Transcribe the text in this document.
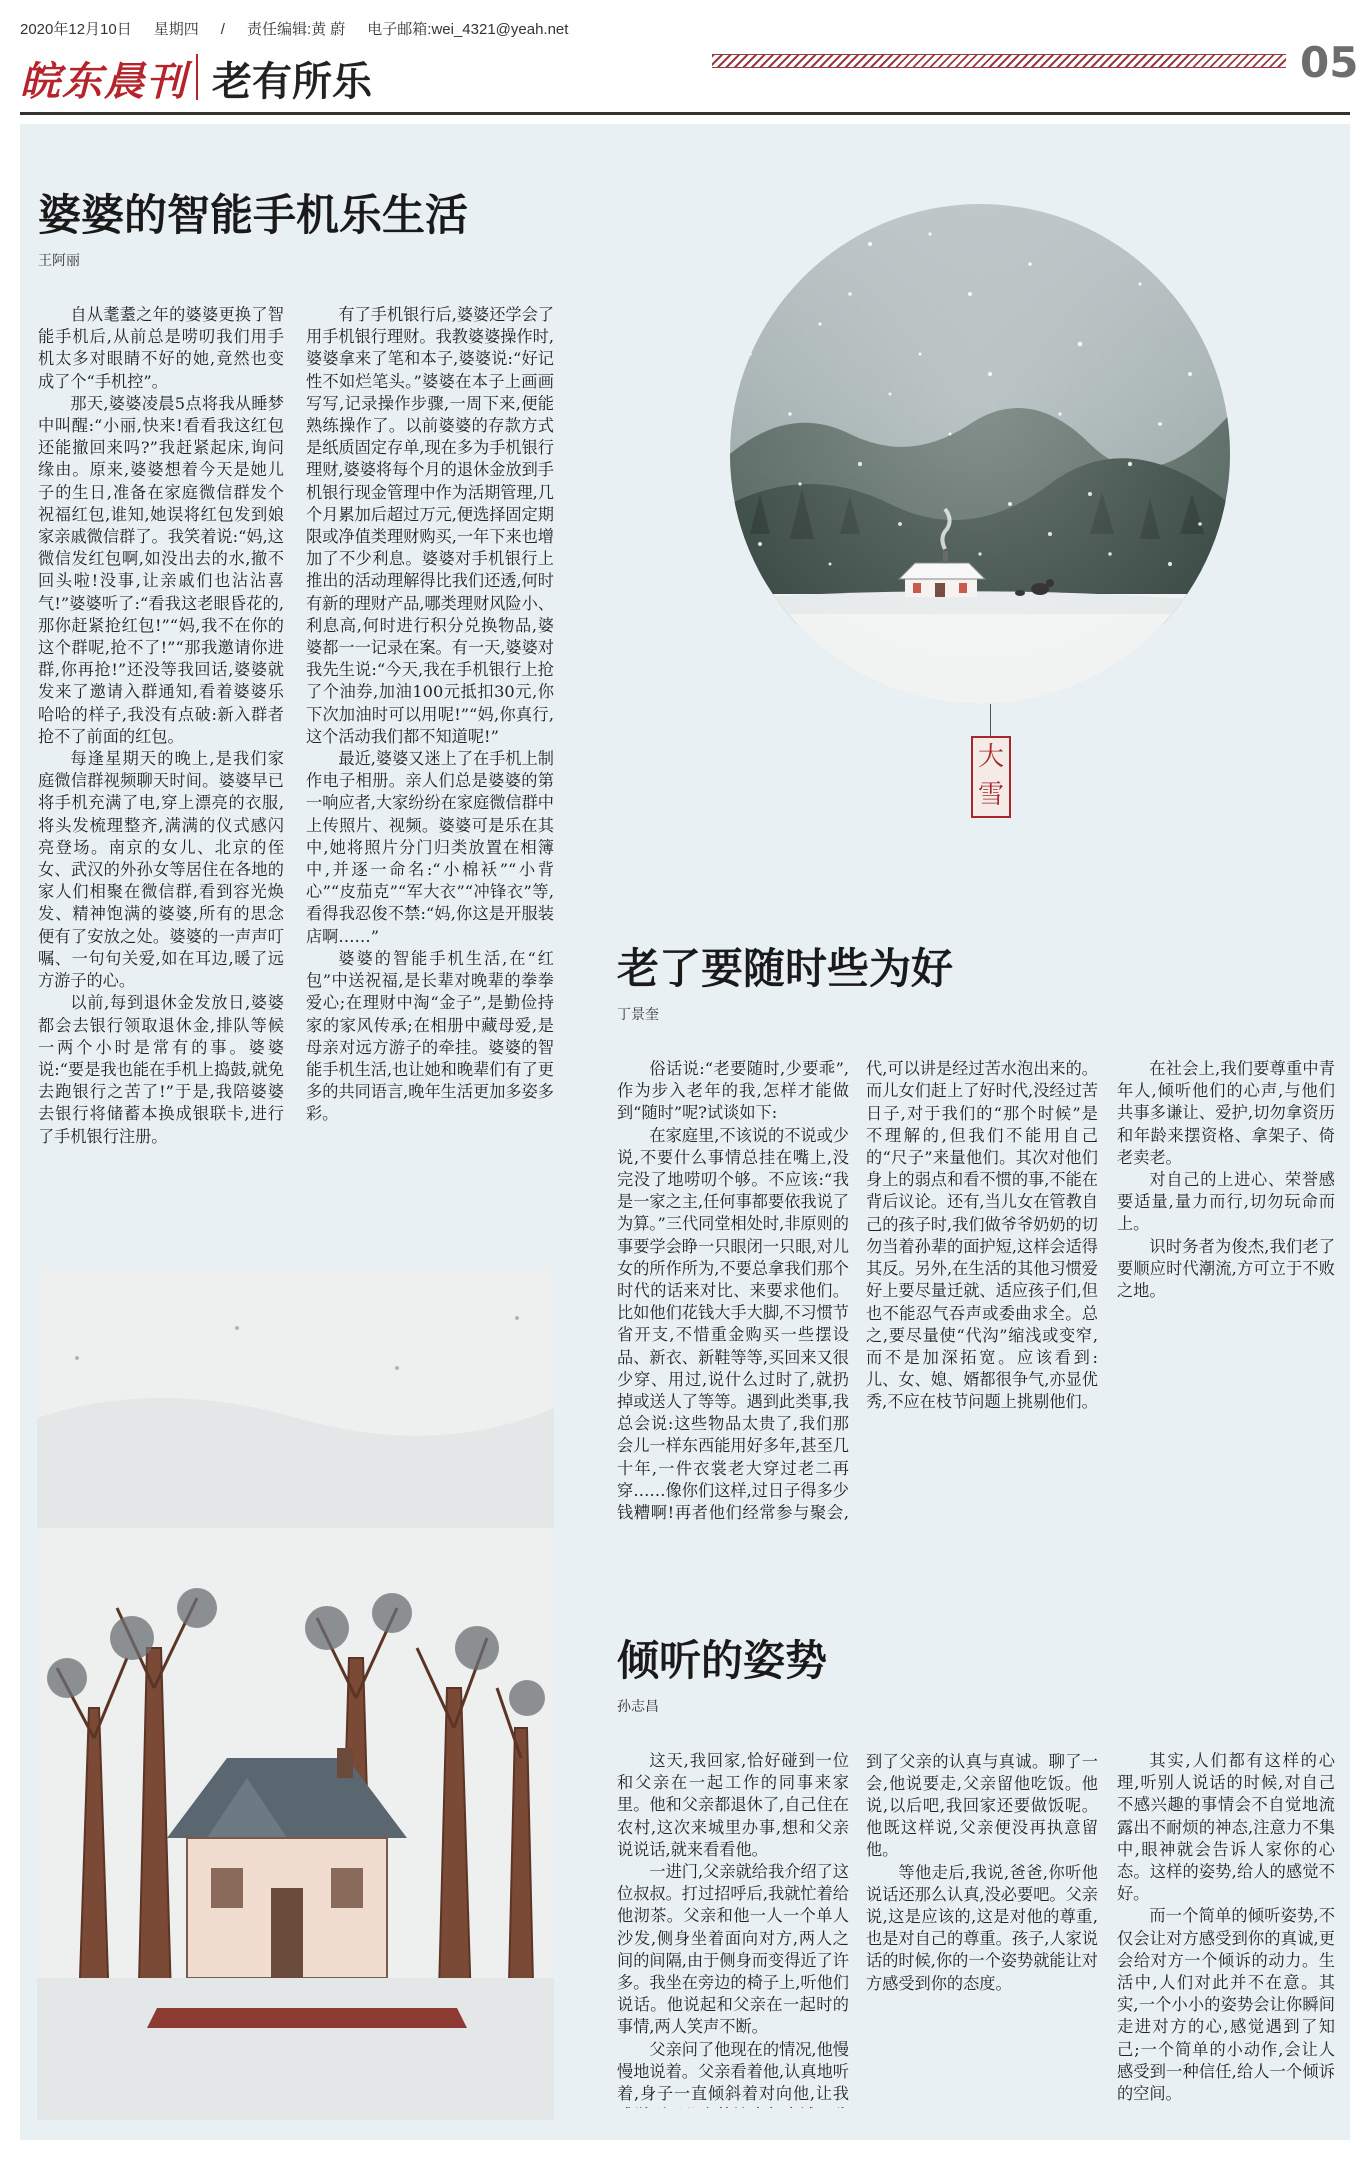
2020年12月10日 星期四 / 责任编辑:黄 蔚 电子邮箱:wei_4321@yeah.net
皖东晨刊 老有所乐	05
婆婆的智能手机乐生活
王阿丽

自从耄耋之年的婆婆更换了智能手机后,从前总是唠叨我们用手机太多对眼睛不好的她,竟然也变成了个“手机控”。

那天,婆婆凌晨5点将我从睡梦中叫醒:“小丽,快来!看看我这红包还能撤回来吗?”我赶紧起床,询问缘由。原来,婆婆想着今天是她儿子的生日,准备在家庭微信群发个祝福红包,谁知,她误将红包发到娘家亲戚微信群了。我笑着说:“妈,这微信发红包啊,如没出去的水,撤不回头啦!没事,让亲戚们也沾沾喜气!”婆婆听了:“看我这老眼昏花的,那你赶紧抢红包!”“妈,我不在你的这个群呢,抢不了!”“那我邀请你进群,你再抢!”还没等我回话,婆婆就发来了邀请入群通知,看着婆婆乐哈哈的样子,我没有点破:新入群者抢不了前面的红包。

每逢星期天的晚上,是我们家庭微信群视频聊天时间。婆婆早已将手机充满了电,穿上漂亮的衣服,将头发梳理整齐,满满的仪式感闪亮登场。南京的女儿、北京的侄女、武汉的外孙女等居住在各地的家人们相聚在微信群,看到容光焕发、精神饱满的婆婆,所有的思念便有了安放之处。婆婆的一声声叮嘱、一句句关爱,如在耳边,暖了远方游子的心。

以前,每到退休金发放日,婆婆都会去银行领取退休金,排队等候一两个小时是常有的事。婆婆说:“要是我也能在手机上捣鼓,就免去跑银行之苦了!”于是,我陪婆婆去银行将储蓄本换成银联卡,进行了手机银行注册。

有了手机银行后,婆婆还学会了用手机银行理财。我教婆婆操作时,婆婆拿来了笔和本子,婆婆说:“好记性不如烂笔头。”婆婆在本子上画画写写,记录操作步骤,一周下来,便能熟练操作了。以前婆婆的存款方式是纸质固定存单,现在多为手机银行理财,婆婆将每个月的退休金放到手机银行现金管理中作为活期管理,几个月累加后超过万元,便选择固定期限或净值类理财购买,一年下来也增加了不少利息。婆婆对手机银行上推出的活动理解得比我们还透,何时有新的理财产品,哪类理财风险小、利息高,何时进行积分兑换物品,婆婆都一一记录在案。有一天,婆婆对我先生说:“今天,我在手机银行上抢了个油券,加油100元抵扣30元,你下次加油时可以用呢!”“妈,你真行,这个活动我们都不知道呢!”

最近,婆婆又迷上了在手机上制作电子相册。亲人们总是婆婆的第一响应者,大家纷纷在家庭微信群中上传照片、视频。婆婆可是乐在其中,她将照片分门归类放置在相簿中,并逐一命名:“小棉袄”“小背心”“皮茄克”“军大衣”“冲锋衣”等,看得我忍俊不禁:“妈,你这是开服装店啊……”

婆婆的智能手机生活,在“红包”中送祝福,是长辈对晚辈的拳拳爱心;在理财中淘“金子”,是勤俭持家的家风传承;在相册中藏母爱,是母亲对远方游子的牵挂。婆婆的智能手机生活,也让她和晚辈们有了更多的共同语言,晚年生活更加多姿多彩。

大雪
老了要随时些为好
丁景奎

俗话说:“老要随时,少要乖”,作为步入老年的我,怎样才能做到“随时”呢?试谈如下:

在家庭里,不该说的不说或少说,不要什么事情总挂在嘴上,没完没了地唠叨个够。不应该:“我是一家之主,任何事都要依我说了为算。”三代同堂相处时,非原则的事要学会睁一只眼闭一只眼,对儿女的所作所为,不要总拿我们那个时代的话来对比、来要求他们。比如他们花钱大手大脚,不习惯节省开支,不惜重金购买一些摆设品、新衣、新鞋等等,买回来又很少穿、用过,说什么过时了,就扔掉或送人了等等。遇到此类事,我总会说:这些物品太贵了,我们那会儿一样东西能用好多年,甚至几十年,一件衣裳老大穿过老二再穿……像你们这样,过日子得多少钱糟啊!再者他们经常参与聚会,

代,可以讲是经过苦水泡出来的。而儿女们赶上了好时代,没经过苦日子,对于我们的“那个时候”是不理解的,但我们不能用自己的“尺子”来量他们。其次对他们身上的弱点和看不惯的事,不能在背后议论。还有,当儿女在管教自己的孩子时,我们做爷爷奶奶的切勿当着孙辈的面护短,这样会适得其反。另外,在生活的其他习惯爱好上要尽量迁就、适应孩子们,但也不能忍气吞声或委曲求全。总之,要尽量使“代沟”缩浅或变窄,而不是加深拓宽。应该看到:儿、女、媳、婿都很争气,亦显优秀,不应在枝节问题上挑剔他们。

在社会上,我们要尊重中青年人,倾听他们的心声,与他们共事多谦让、爱护,切勿拿资历和年龄来摆资格、拿架子、倚老卖老。

对自己的上进心、荣誉感要适量,量力而行,切勿玩命而上。

识时务者为俊杰,我们老了要顺应时代潮流,方可立于不败之地。

倾听的姿势
孙志昌

这天,我回家,恰好碰到一位和父亲在一起工作的同事来家里。他和父亲都退休了,自己住在农村,这次来城里办事,想和父亲说说话,就来看看他。

一进门,父亲就给我介绍了这位叔叔。打过招呼后,我就忙着给他沏茶。父亲和他一人一个单人沙发,侧身坐着面向对方,两人之间的间隔,由于侧身而变得近了许多。我坐在旁边的椅子上,听他们说话。他说起和父亲在一起时的事情,两人笑声不断。

父亲问了他现在的情况,他慢慢地说着。父亲看着他,认真地听着,身子一直倾斜着对向他,让我

到了父亲的认真与真诚。聊了一会,他说要走,父亲留他吃饭。他说,以后吧,我回家还要做饭呢。他既这样说,父亲便没再执意留他。

等他走后,我说,爸爸,你听他说话还那么认真,没必要吧。父亲说,这是应该的,这是对他的尊重,也是对自己的尊重。孩子,人家说话的时候,你的一个姿势就能让对方感受到你的态度。

其实,人们都有这样的心理,听别人说话的时候,对自己不感兴趣的事情会不自觉地流露出不耐烦的神态,注意力不集中,眼神就会告诉人家你的心态。这样的姿势,给人的感觉不好。

而一个简单的倾听姿势,不仅会让对方感受到你的真诚,更会给对方一个倾诉的动力。生活中,人们对此并不在意。其实,一个小小的姿势会让你瞬间走进对方的心,感觉遇到了知己;一个简单的小动作,会让人感受到一种信任,给人一个倾诉的空间。
